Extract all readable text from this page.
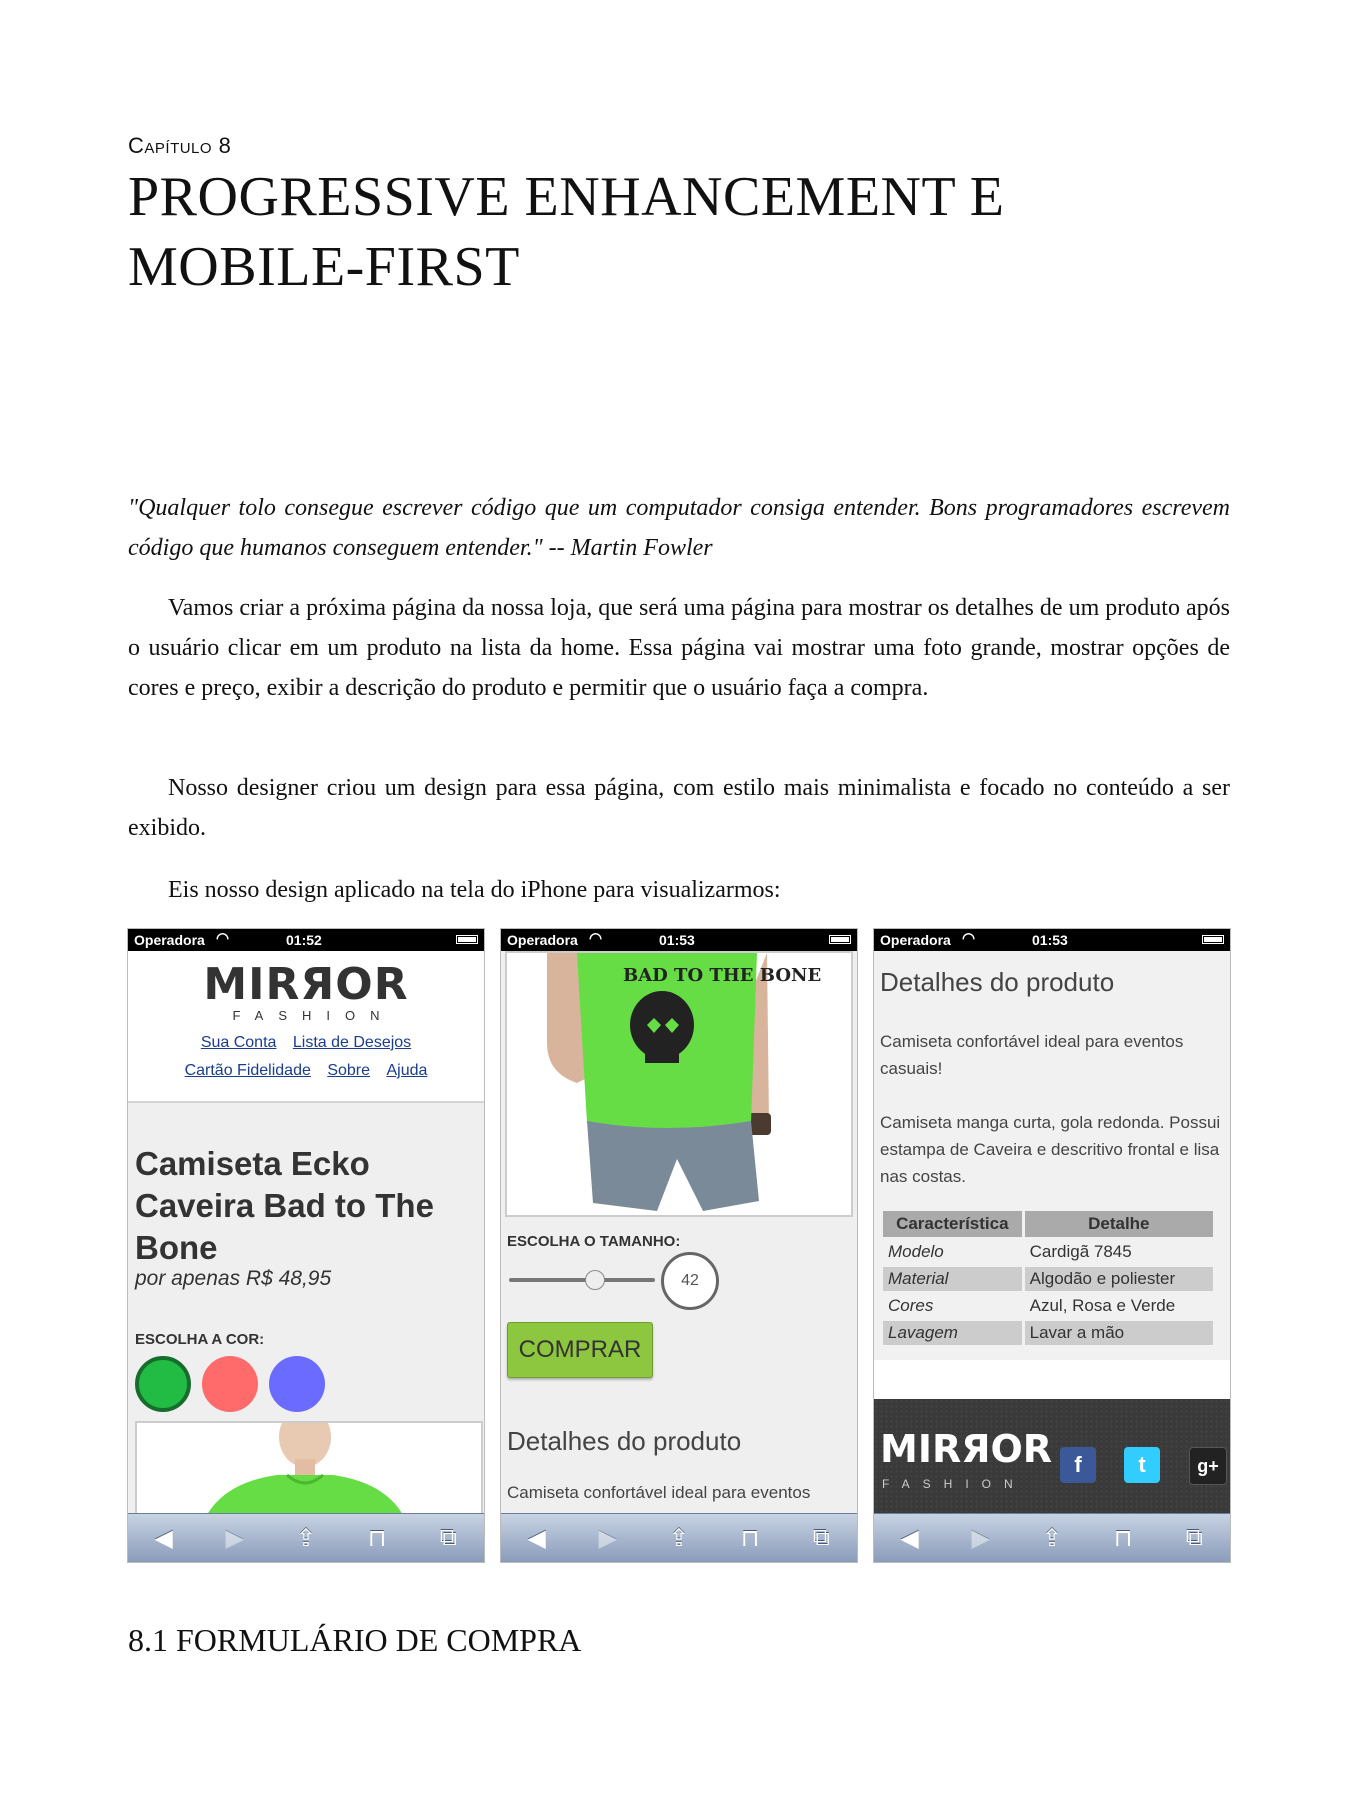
Capítulo 8
PROGRESSIVE ENHANCEMENT E
MOBILE-FIRST
"Qualquer tolo consegue escrever código que um computador consiga entender. Bons programadores escrevem código que humanos conseguem entender." -- Martin Fowler
Vamos criar a próxima página da nossa loja, que será uma página para mostrar os detalhes de um produto após o usuário clicar em um produto na lista da home. Essa página vai mostrar uma foto grande, mostrar opções de cores e preço, exibir a descrição do produto e permitir que o usuário faça a compra.
Nosso designer criou um design para essa página, com estilo mais minimalista e focado no conteúdo a ser exibido.
Eis nosso design aplicado na tela do iPhone para visualizarmos:
Operadora ◠	01:52
MIRЯOR
FASHION
Sua Conta Lista de Desejos
Cartão Fidelidade Sobre Ajuda
Camiseta Ecko Caveira Bad to The Bone
por apenas R$ 48,95
ESCOLHA A COR:
◀ ▶ ⇪ ⊓ ⧉
Operadora ◠	01:53
BAD TO THE BONE
ESCOLHA O TAMANHO:
42
COMPRAR
Detalhes do produto
Camiseta confortável ideal para eventos
◀ ▶ ⇪ ⊓ ⧉
Operadora ◠	01:53
Detalhes do produto
Camiseta confortável ideal para eventos casuais!
Camiseta manga curta, gola redonda. Possui estampa de Caveira e descritivo frontal e lisa nas costas.
Característica	Detalhe
Modelo	Cardigã 7845
Material	Algodão e poliester
Cores	Azul, Rosa e Verde
Lavagem	Lavar a mão
MIRЯOR
FASHION
f	t	g+
◀ ▶ ⇪ ⊓ ⧉
8.1 FORMULÁRIO DE COMPRA
